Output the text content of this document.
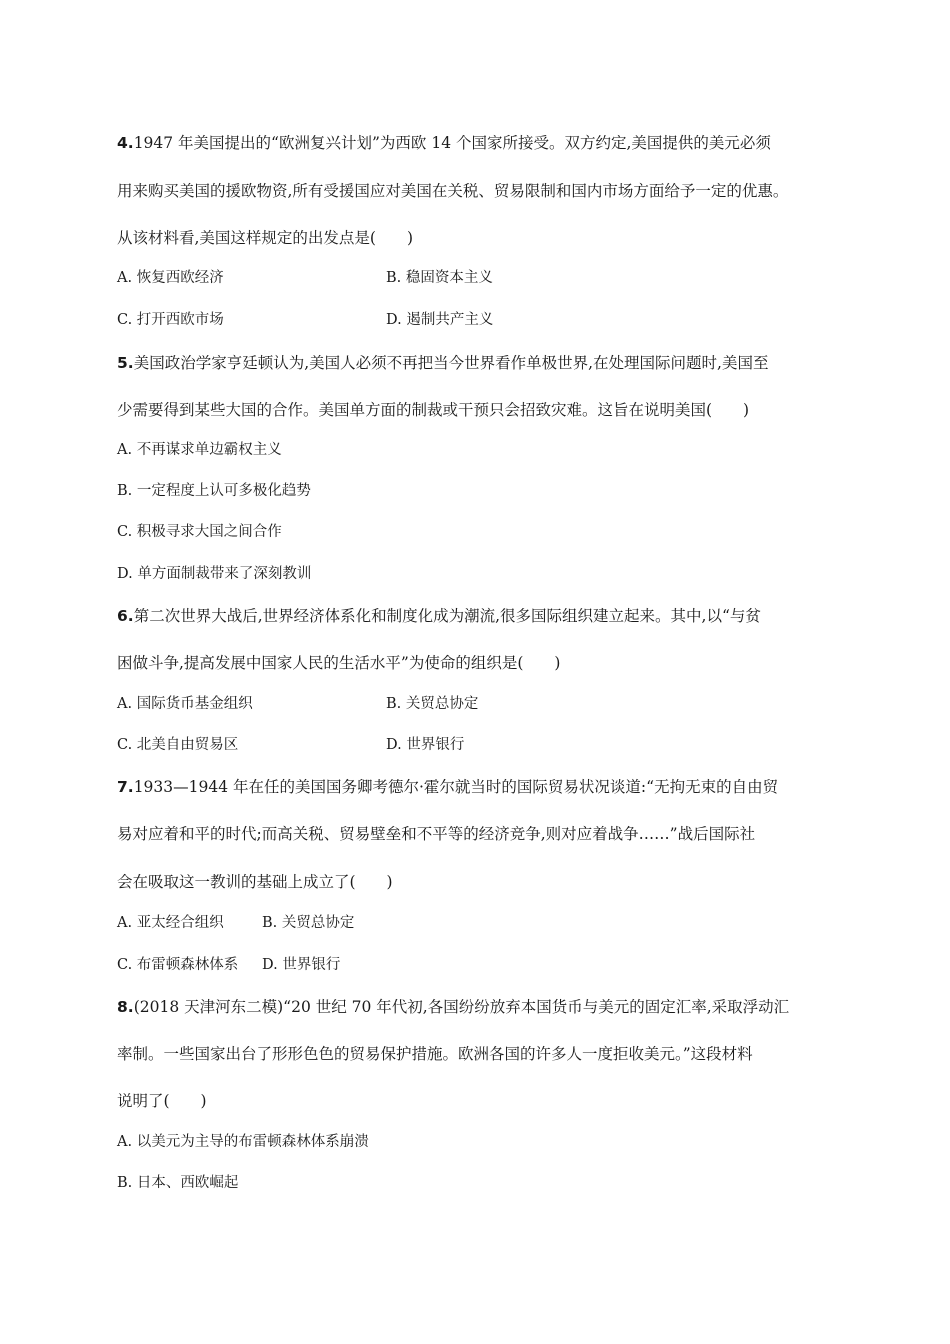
4.1947 年美国提出的“欧洲复兴计划”为西欧 14 个国家所接受。双方约定,美国提供的美元必须
用来购买美国的援欧物资,所有受援国应对美国在关税、贸易限制和国内市场方面给予一定的优惠。
从该材料看,美国这样规定的出发点是(　　)
A. 恢复西欧经济	B. 稳固资本主义
C. 打开西欧市场	D. 遏制共产主义
5.美国政治学家亨廷顿认为,美国人必须不再把当今世界看作单极世界,在处理国际问题时,美国至
少需要得到某些大国的合作。美国单方面的制裁或干预只会招致灾难。这旨在说明美国(　　)
A. 不再谋求单边霸权主义
B. 一定程度上认可多极化趋势
C. 积极寻求大国之间合作
D. 单方面制裁带来了深刻教训
6.第二次世界大战后,世界经济体系化和制度化成为潮流,很多国际组织建立起来。其中,以“与贫
困做斗争,提高发展中国家人民的生活水平”为使命的组织是(　　)
A. 国际货币基金组织	B. 关贸总协定
C. 北美自由贸易区	D. 世界银行
7.1933—1944 年在任的美国国务卿考德尔·霍尔就当时的国际贸易状况谈道:“无拘无束的自由贸
易对应着和平的时代;而高关税、贸易壁垒和不平等的经济竞争,则对应着战争……”战后国际社
会在吸取这一教训的基础上成立了(　　)
A. 亚太经合组织	B. 关贸总协定
C. 布雷顿森林体系 D. 世界银行
8.(2018 天津河东二模)“20 世纪 70 年代初,各国纷纷放弃本国货币与美元的固定汇率,采取浮动汇
率制。一些国家出台了形形色色的贸易保护措施。欧洲各国的许多人一度拒收美元。”这段材料
说明了(　　)
A. 以美元为主导的布雷顿森林体系崩溃
B. 日本、西欧崛起
